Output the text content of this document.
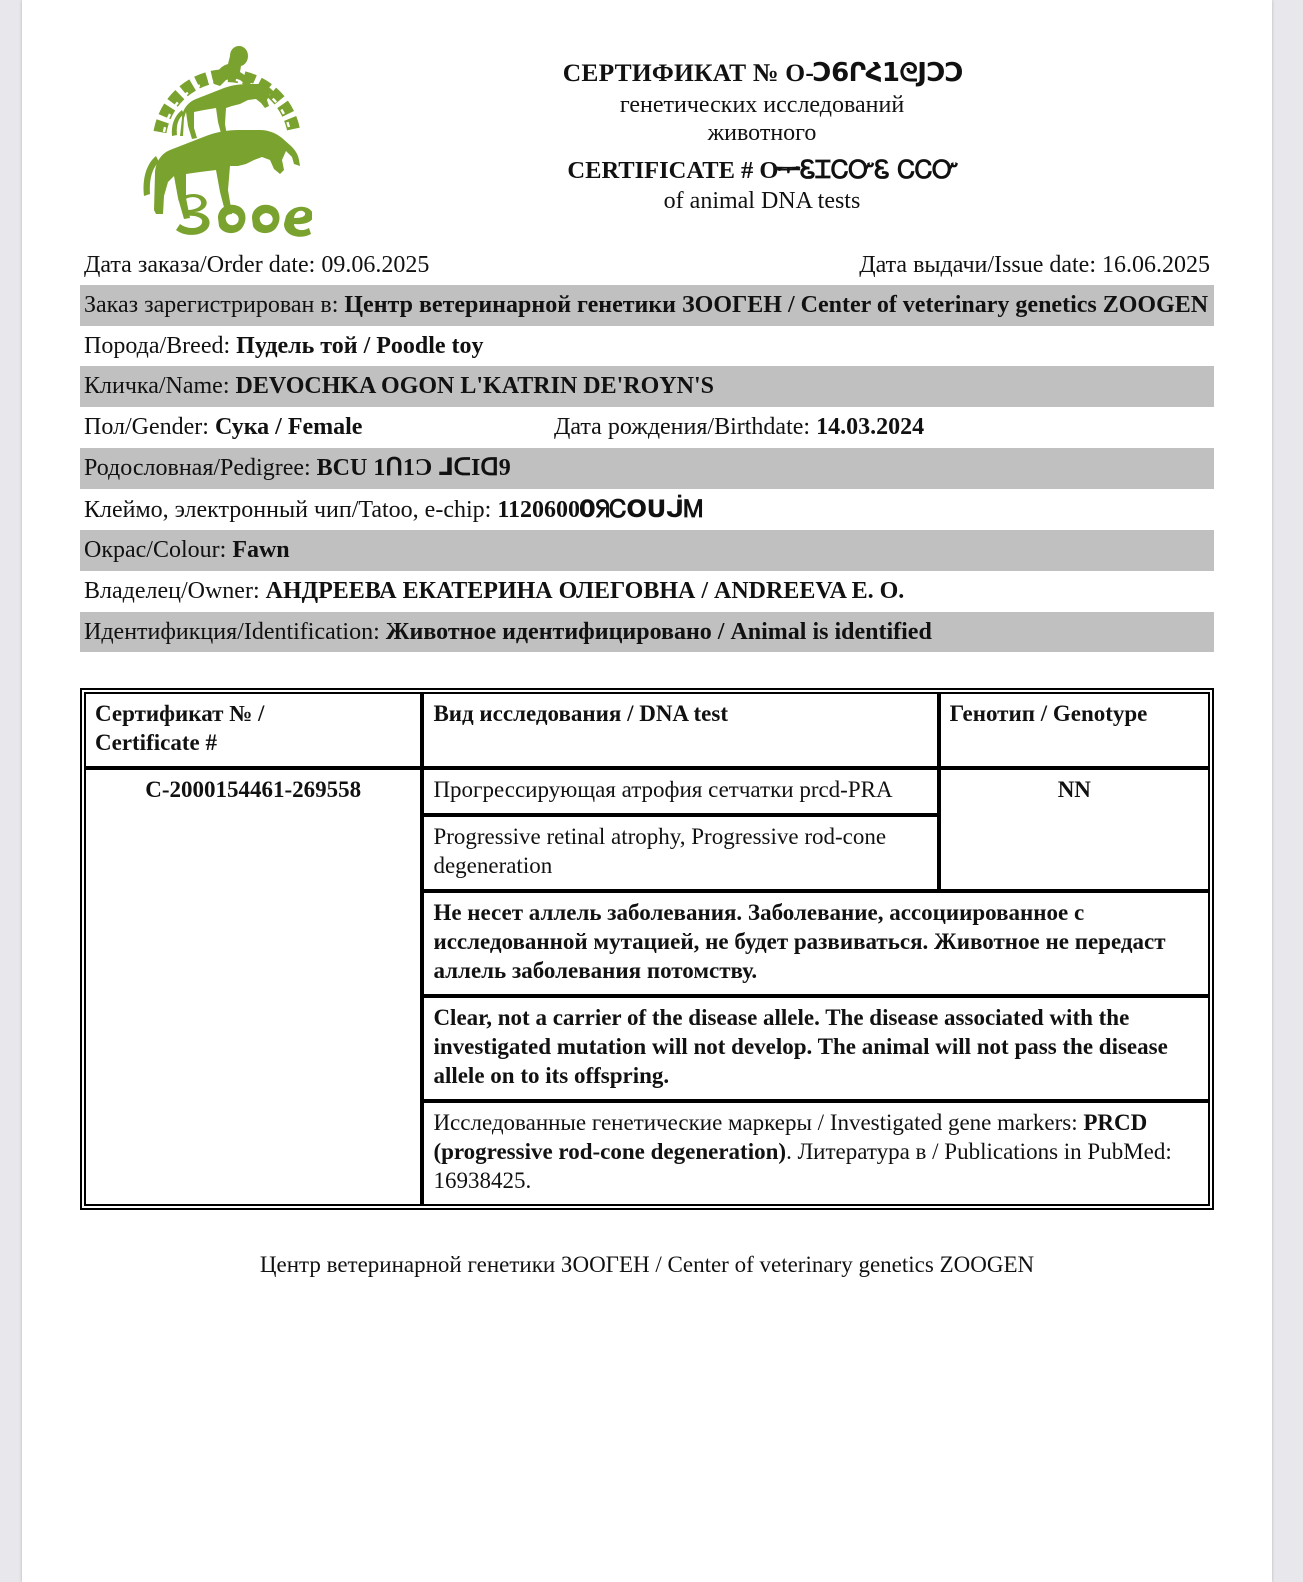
СЕРТИФИКАТ № O-Ɔ6ՐՀ1ᘓJƆϽ
генетических исследований
животного
CERTIFICATE # OᆍᏋᏆᏟᏅᏋ ᏟᏟᏅ
of animal DNA tests
Дата заказа/Order date: 09.06.2025	Дата выдачи/Issue date: 16.06.2025
Заказ зарегистрирован в: Центр ветеринарной генетики ЗООГЕН / Center of veterinary genetics ZOOGEN
Порода/Breed: Пудель той / Poodle toy
Кличка/Name: DEVOCHKA OGON L'KATRIN DE'ROYN'S
Пол/Gender: Сука / Female	Дата рождения/Birthdate: 14.03.2024
Родословная/Pedigree: BCU 1ᑎ1Ɔ ⅃ᑕIᗡ9
Клеймо, электронный чип/Tatoo, e-chip: 11206000ᖆᏟOᑌᒎᎷ
Окрас/Colour: Fawn
Владелец/Owner: АНДРЕЕВА ЕКАТЕРИНА ОЛЕГОВНА / ANDREEVA E. O.
Идентификция/Identification: Животное идентифицировано / Animal is identified
Сертификат № /
Certificate #	Вид исследования / DNA test	Генотип / Genotype
C-2000154461-269558	Прогрессирующая атрофия сетчатки prcd-PRA	NN
	Progressive retinal atrophy, Progressive rod-cone degeneration	
	Не несет аллель заболевания. Заболевание, ассоциированное с исследованной мутацией, не будет развиваться. Животное не передаст аллель заболевания потомству.	
	Clear, not a carrier of the disease allele. The disease associated with the investigated mutation will not develop. The animal will not pass the disease allele on to its offspring.	
	Исследованные генетические маркеры / Investigated gene markers: PRCD (progressive rod-cone degeneration). Литература в / Publications in PubMed: 16938425.	
Центр ветеринарной генетики ЗООГЕН / Center of veterinary genetics ZOOGEN
